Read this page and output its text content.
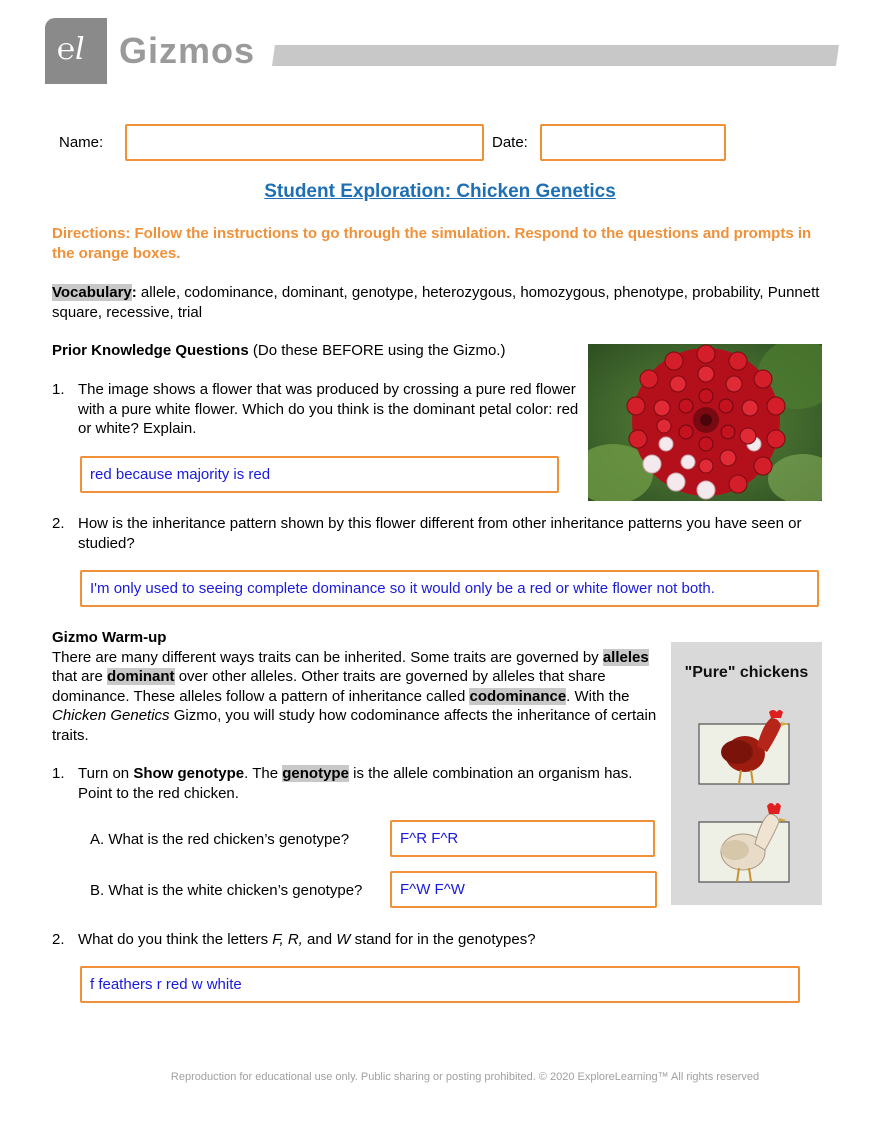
℮l Gizmos
Name:	Date:
Student Exploration: Chicken Genetics
Directions: Follow the instructions to go through the simulation. Respond to the questions and prompts in the orange boxes.
Vocabulary: allele, codominance, dominant, genotype, heterozygous, homozygous, phenotype, probability, Punnett square, recessive, trial
Prior Knowledge Questions (Do these BEFORE using the Gizmo.)
1. The image shows a flower that was produced by crossing a pure red flower with a pure white flower. Which do you think is the dominant petal color: red or white? Explain.
red because majority is red
2. How is the inheritance pattern shown by this flower different from other inheritance patterns you have seen or studied?
I'm only used to seeing complete dominance so it would only be a red or white flower not both.
Gizmo Warm-up
There are many different ways traits can be inherited. Some traits are governed by alleles that are dominant over other alleles. Other traits are governed by alleles that share dominance. These alleles follow a pattern of inheritance called codominance. With the Chicken Genetics Gizmo, you will study how codominance affects the inheritance of certain traits.
"Pure" chickens
1. Turn on Show genotype. The genotype is the allele combination an organism has. Point to the red chicken.
A. What is the red chicken’s genotype?	F^R F^R
B. What is the white chicken’s genotype?	F^W F^W
2. What do you think the letters F, R, and W stand for in the genotypes?
f feathers r red w white
Reproduction for educational use only. Public sharing or posting prohibited. © 2020 ExploreLearning™ All rights reserved
